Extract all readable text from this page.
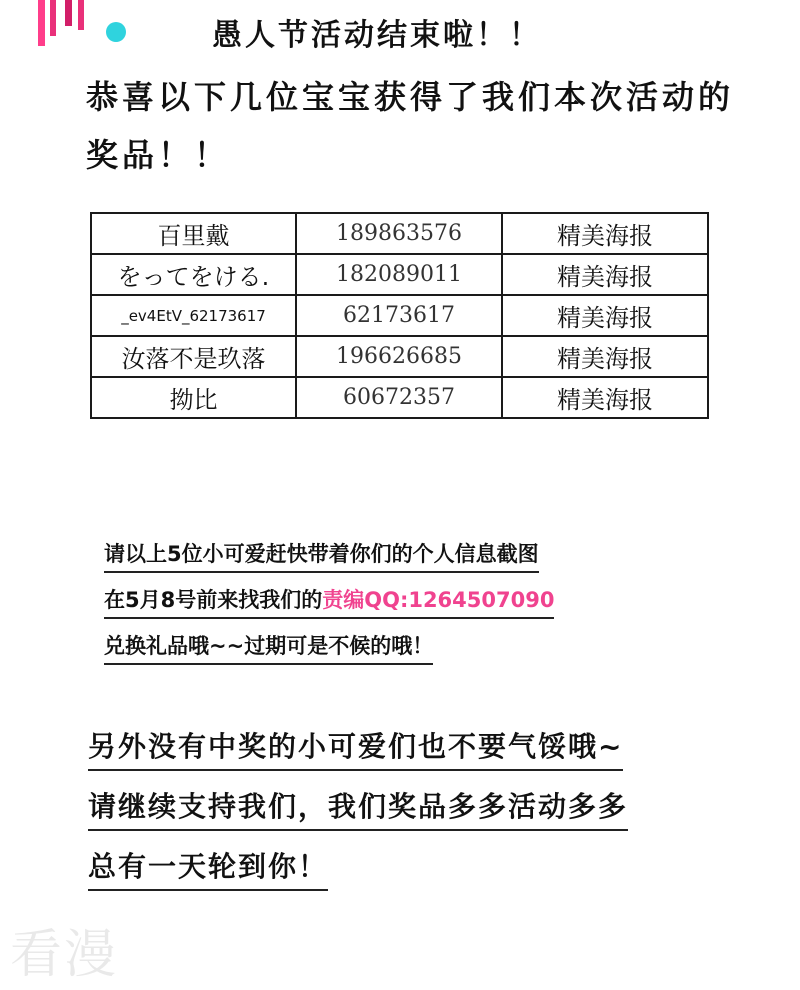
愚人节活动结束啦！！
恭喜以下几位宝宝获得了我们本次活动的
奖品！！
百里戴	189863576	精美海报
をってをける.	182089011	精美海报
_ev4EtV_62173617	62173617	精美海报
汝落不是玖落	196626685	精美海报
拗比	60672357	精美海报
请以上5位小可爱赶快带着你们的个人信息截图
在5月8号前来找我们的责编QQ:1264507090
兑换礼品哦~~过期可是不候的哦！
另外没有中奖的小可爱们也不要气馁哦~
请继续支持我们，我们奖品多多活动多多
总有一天轮到你！
看漫
